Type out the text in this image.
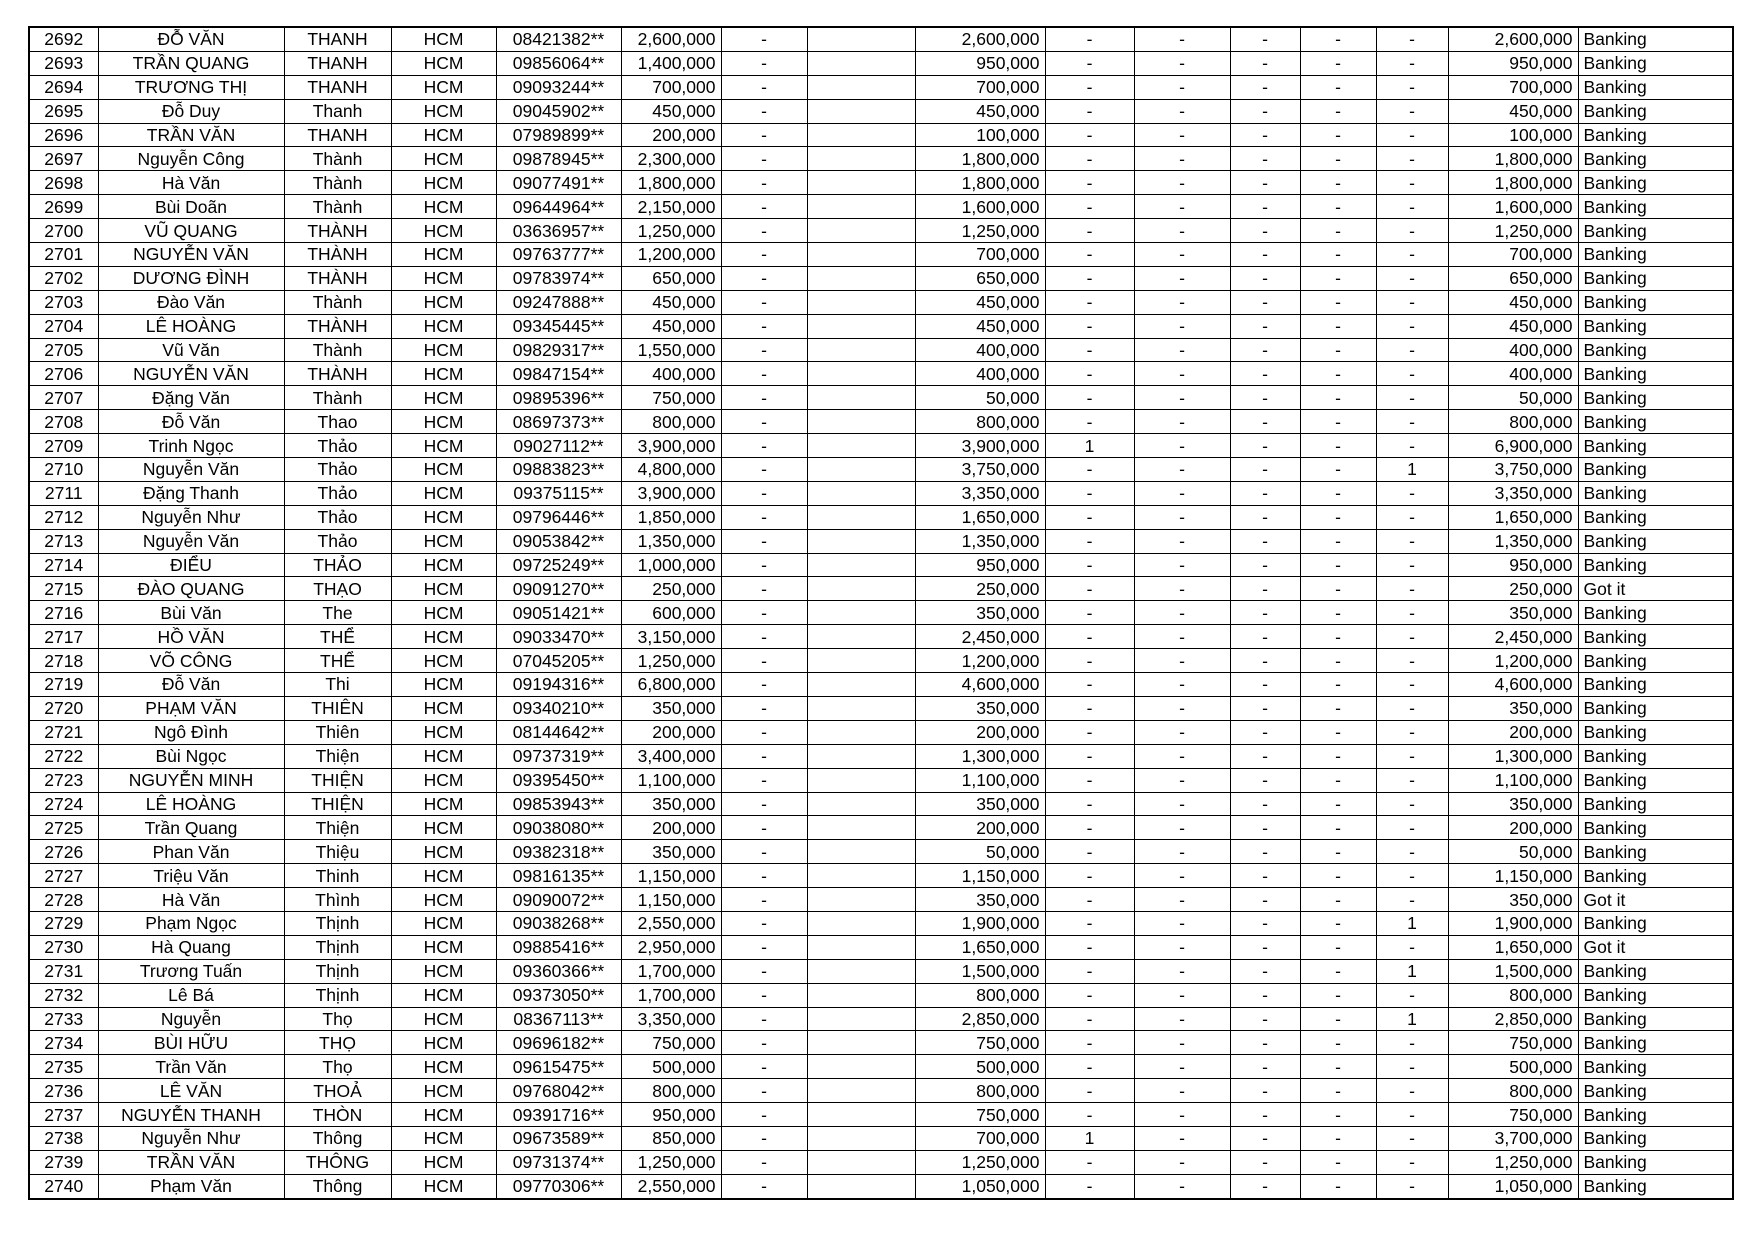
2692	ĐỖ VĂN	THANH	HCM	08421382**	2,600,000	-		2,600,000	-	-	-	-	-	2,600,000	Banking
2693	TRẦN QUANG	THANH	HCM	09856064**	1,400,000	-		950,000	-	-	-	-	-	950,000	Banking
2694	TRƯƠNG THỊ	THANH	HCM	09093244**	700,000	-		700,000	-	-	-	-	-	700,000	Banking
2695	Đỗ Duy	Thanh	HCM	09045902**	450,000	-		450,000	-	-	-	-	-	450,000	Banking
2696	TRẦN VĂN	THANH	HCM	07989899**	200,000	-		100,000	-	-	-	-	-	100,000	Banking
2697	Nguyễn Công	Thành	HCM	09878945**	2,300,000	-		1,800,000	-	-	-	-	-	1,800,000	Banking
2698	Hà Văn	Thành	HCM	09077491**	1,800,000	-		1,800,000	-	-	-	-	-	1,800,000	Banking
2699	Bùi Doãn	Thành	HCM	09644964**	2,150,000	-		1,600,000	-	-	-	-	-	1,600,000	Banking
2700	VŨ QUANG	THÀNH	HCM	03636957**	1,250,000	-		1,250,000	-	-	-	-	-	1,250,000	Banking
2701	NGUYỄN VĂN	THÀNH	HCM	09763777**	1,200,000	-		700,000	-	-	-	-	-	700,000	Banking
2702	DƯƠNG ĐÌNH	THÀNH	HCM	09783974**	650,000	-		650,000	-	-	-	-	-	650,000	Banking
2703	Đào Văn	Thành	HCM	09247888**	450,000	-		450,000	-	-	-	-	-	450,000	Banking
2704	LÊ HOÀNG	THÀNH	HCM	09345445**	450,000	-		450,000	-	-	-	-	-	450,000	Banking
2705	Vũ Văn	Thành	HCM	09829317**	1,550,000	-		400,000	-	-	-	-	-	400,000	Banking
2706	NGUYỄN VĂN	THÀNH	HCM	09847154**	400,000	-		400,000	-	-	-	-	-	400,000	Banking
2707	Đặng Văn	Thành	HCM	09895396**	750,000	-		50,000	-	-	-	-	-	50,000	Banking
2708	Đỗ Văn	Thao	HCM	08697373**	800,000	-		800,000	-	-	-	-	-	800,000	Banking
2709	Trinh Ngọc	Thảo	HCM	09027112**	3,900,000	-		3,900,000	1	-	-	-	-	6,900,000	Banking
2710	Nguyễn Văn	Thảo	HCM	09883823**	4,800,000	-		3,750,000	-	-	-	-	1	3,750,000	Banking
2711	Đặng Thanh	Thảo	HCM	09375115**	3,900,000	-		3,350,000	-	-	-	-	-	3,350,000	Banking
2712	Nguyễn Như	Thảo	HCM	09796446**	1,850,000	-		1,650,000	-	-	-	-	-	1,650,000	Banking
2713	Nguyễn Văn	Thảo	HCM	09053842**	1,350,000	-		1,350,000	-	-	-	-	-	1,350,000	Banking
2714	ĐIỂU	THẢO	HCM	09725249**	1,000,000	-		950,000	-	-	-	-	-	950,000	Banking
2715	ĐÀO QUANG	THẠO	HCM	09091270**	250,000	-		250,000	-	-	-	-	-	250,000	Got it
2716	Bùi Văn	The	HCM	09051421**	600,000	-		350,000	-	-	-	-	-	350,000	Banking
2717	HỒ VĂN	THỂ	HCM	09033470**	3,150,000	-		2,450,000	-	-	-	-	-	2,450,000	Banking
2718	VÕ CÔNG	THỂ	HCM	07045205**	1,250,000	-		1,200,000	-	-	-	-	-	1,200,000	Banking
2719	Đỗ Văn	Thi	HCM	09194316**	6,800,000	-		4,600,000	-	-	-	-	-	4,600,000	Banking
2720	PHẠM VĂN	THIÊN	HCM	09340210**	350,000	-		350,000	-	-	-	-	-	350,000	Banking
2721	Ngô Đình	Thiên	HCM	08144642**	200,000	-		200,000	-	-	-	-	-	200,000	Banking
2722	Bùi Ngọc	Thiện	HCM	09737319**	3,400,000	-		1,300,000	-	-	-	-	-	1,300,000	Banking
2723	NGUYỄN MINH	THIỆN	HCM	09395450**	1,100,000	-		1,100,000	-	-	-	-	-	1,100,000	Banking
2724	LÊ HOÀNG	THIỆN	HCM	09853943**	350,000	-		350,000	-	-	-	-	-	350,000	Banking
2725	Trần Quang	Thiện	HCM	09038080**	200,000	-		200,000	-	-	-	-	-	200,000	Banking
2726	Phan Văn	Thiệu	HCM	09382318**	350,000	-		50,000	-	-	-	-	-	50,000	Banking
2727	Triệu Văn	Thinh	HCM	09816135**	1,150,000	-		1,150,000	-	-	-	-	-	1,150,000	Banking
2728	Hà Văn	Thình	HCM	09090072**	1,150,000	-		350,000	-	-	-	-	-	350,000	Got it
2729	Phạm Ngọc	Thịnh	HCM	09038268**	2,550,000	-		1,900,000	-	-	-	-	1	1,900,000	Banking
2730	Hà Quang	Thịnh	HCM	09885416**	2,950,000	-		1,650,000	-	-	-	-	-	1,650,000	Got it
2731	Trương Tuấn	Thịnh	HCM	09360366**	1,700,000	-		1,500,000	-	-	-	-	1	1,500,000	Banking
2732	Lê Bá	Thịnh	HCM	09373050**	1,700,000	-		800,000	-	-	-	-	-	800,000	Banking
2733	Nguyễn	Thọ	HCM	08367113**	3,350,000	-		2,850,000	-	-	-	-	1	2,850,000	Banking
2734	BÙI HỮU	THỌ	HCM	09696182**	750,000	-		750,000	-	-	-	-	-	750,000	Banking
2735	Trần Văn	Thọ	HCM	09615475**	500,000	-		500,000	-	-	-	-	-	500,000	Banking
2736	LÊ VĂN	THOẢ	HCM	09768042**	800,000	-		800,000	-	-	-	-	-	800,000	Banking
2737	NGUYỄN THANH	THÒN	HCM	09391716**	950,000	-		750,000	-	-	-	-	-	750,000	Banking
2738	Nguyễn Như	Thông	HCM	09673589**	850,000	-		700,000	1	-	-	-	-	3,700,000	Banking
2739	TRẦN VĂN	THÔNG	HCM	09731374**	1,250,000	-		1,250,000	-	-	-	-	-	1,250,000	Banking
2740	Phạm Văn	Thông	HCM	09770306**	2,550,000	-		1,050,000	-	-	-	-	-	1,050,000	Banking
